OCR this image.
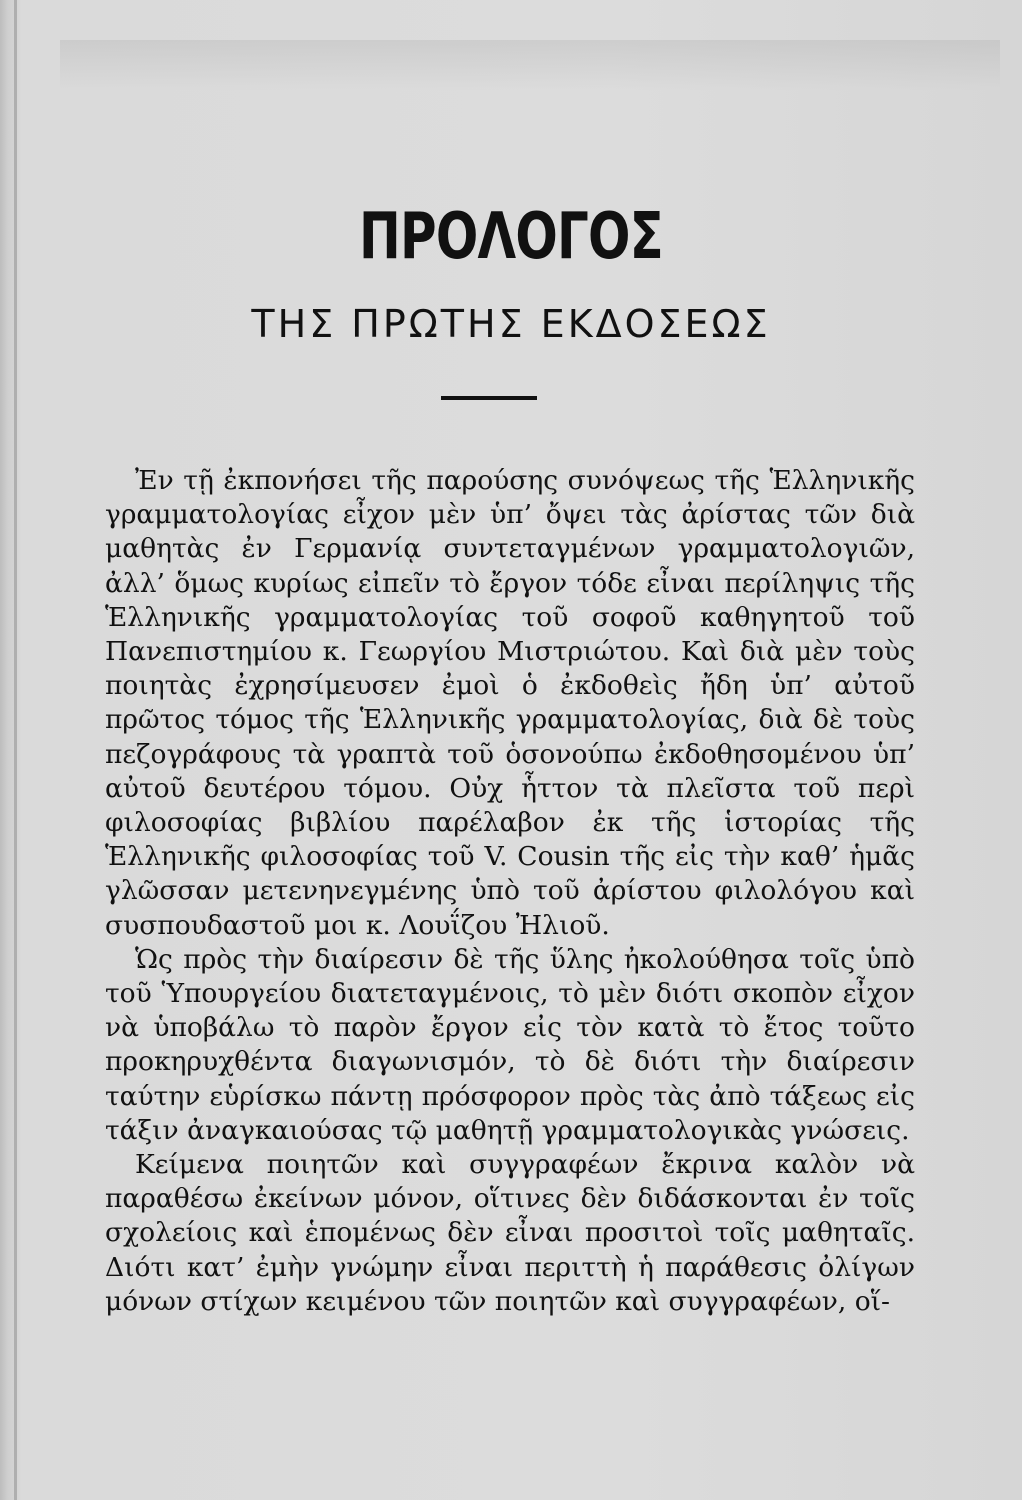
ΠΡΟΛΟΓΟΣ
ΤΗΣ ΠΡΩΤΗΣ ΕΚΔΟΣΕΩΣ

Ἐν τῇ ἐκπονήσει τῆς παρούσης συνόψεως τῆς Ἑλληνικῆς γραμματολογίας εἶχον μὲν ὑπ’ ὄψει τὰς ἀρίστας τῶν διὰ μαθητὰς ἐν Γερμανίᾳ συντεταγμένων γραμματολογιῶν, ἀλλ’ ὅμως κυρίως εἰπεῖν τὸ ἔργον τόδε εἶναι περίληψις τῆς Ἑλληνικῆς γραμματολογίας τοῦ σοφοῦ καθηγητοῦ τοῦ Πανεπιστημίου κ. Γεωργίου Μιστριώτου. Καὶ διὰ μὲν τοὺς ποιητὰς ἐχρησίμευσεν ἐμοὶ ὁ ἐκδοθεὶς ἤδη ὑπ’ αὐτοῦ πρῶτος τόμος τῆς Ἑλληνικῆς γραμματολογίας, διὰ δὲ τοὺς πεζογράφους τὰ γραπτὰ τοῦ ὁσονούπω ἐκδοθησομένου ὑπ’ αὐτοῦ δευτέρου τόμου. Οὐχ ἧττον τὰ πλεῖστα τοῦ περὶ φιλοσοφίας βιβλίου παρέλαβον ἐκ τῆς ἱστορίας τῆς Ἑλληνικῆς φιλοσοφίας τοῦ V. Cousin τῆς εἰς τὴν καθ’ ἡμᾶς γλῶσσαν μετενηνεγμένης ὑπὸ τοῦ ἀρίστου φιλολόγου καὶ συσπουδαστοῦ μοι κ. Λουΐζου Ἠλιοῦ.

Ὡς πρὸς τὴν διαίρεσιν δὲ τῆς ὕλης ἠκολούθησα τοῖς ὑπὸ τοῦ Ὑπουργείου διατεταγμένοις, τὸ μὲν διότι σκοπὸν εἶχον νὰ ὑποβάλω τὸ παρὸν ἔργον εἰς τὸν κατὰ τὸ ἔτος τοῦτο προκηρυχθέντα διαγωνισμόν, τὸ δὲ διότι τὴν διαίρεσιν ταύτην εὑρίσκω πάντῃ πρόσφορον πρὸς τὰς ἀπὸ τάξεως εἰς τάξιν ἀναγκαιούσας τῷ μαθητῇ γραμματολογικὰς γνώσεις.

Κείμενα ποιητῶν καὶ συγγραφέων ἔκρινα καλὸν νὰ παραθέσω ἐκείνων μόνον, οἵτινες δὲν διδάσκονται ἐν τοῖς σχολείοις καὶ ἑπομένως δὲν εἶναι προσιτοὶ τοῖς μαθηταῖς. Διότι κατ’ ἐμὴν γνώμην εἶναι περιττὴ ἡ παράθεσις ὀλίγων μόνων στίχων κειμένου τῶν ποιητῶν καὶ συγγραφέων, οἵ-
